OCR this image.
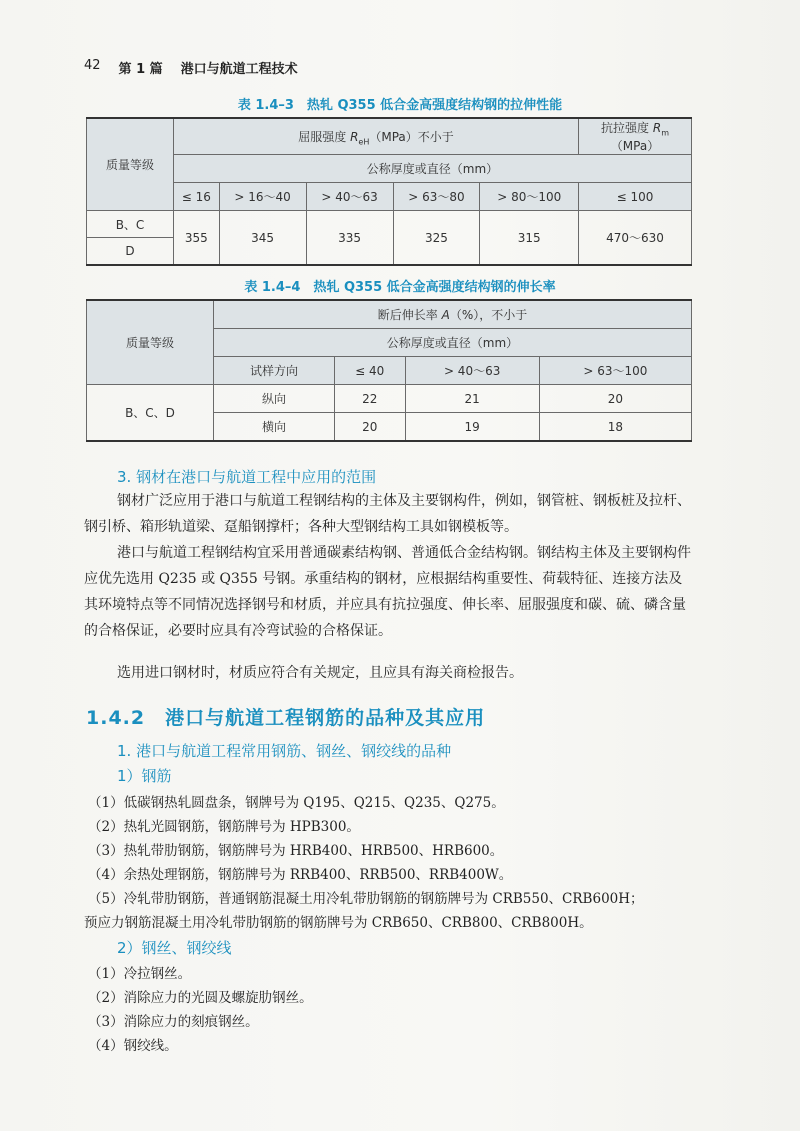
42 第 1 篇 港口与航道工程技术
表 1.4–3　热轧 Q355 低合金高强度结构钢的拉伸性能
质量等级	屈服强度 $R_{eH}(MPa)$不小于					抗拉强度 $R_m(MPa)$
	公称厚度或直径（mm）					
	≤ 16	> 16～40	> 40～63	> 63～80	> 80～100	≤ 100
B、C	355	345	335	325	315	470～630
D						
表 1.4–4　热轧 Q355 低合金高强度结构钢的伸长率
质量等级	断后伸长率 A（%），不小于			
	公称厚度或直径（mm）			
	试样方向	≤ 40	> 40～63	> 63～100
B、C、D	纵向	22	21	20
	横向	20	19	18
3. 钢材在港口与航道工程中应用的范围
钢材广泛应用于港口与航道工程钢结构的主体及主要钢构件，例如，钢管桩、钢板桩及拉杆、钢引桥、箱形轨道梁、趸船钢撑杆；各种大型钢结构工具如钢模板等。
港口与航道工程钢结构宜采用普通碳素结构钢、普通低合金结构钢。钢结构主体及主要钢构件应优先选用 Q235 或 Q355 号钢。承重结构的钢材，应根据结构重要性、荷载特征、连接方法及其环境特点等不同情况选择钢号和材质，并应具有抗拉强度、伸长率、屈服强度和碳、硫、磷含量的合格保证，必要时应具有冷弯试验的合格保证。
选用进口钢材时，材质应符合有关规定，且应具有海关商检报告。
1.4.2　港口与航道工程钢筋的品种及其应用
1. 港口与航道工程常用钢筋、钢丝、钢绞线的品种
1）钢筋
（1）低碳钢热轧圆盘条，钢牌号为 Q195、Q215、Q235、Q275。
（2）热轧光圆钢筋，钢筋牌号为 HPB300。
（3）热轧带肋钢筋，钢筋牌号为 HRB400、HRB500、HRB600。
（4）余热处理钢筋，钢筋牌号为 RRB400、RRB500、RRB400W。
（5）冷轧带肋钢筋，普通钢筋混凝土用冷轧带肋钢筋的钢筋牌号为 CRB550、CRB600H；
预应力钢筋混凝土用冷轧带肋钢筋的钢筋牌号为 CRB650、CRB800、CRB800H。
2）钢丝、钢绞线
（1）冷拉钢丝。
（2）消除应力的光圆及螺旋肋钢丝。
（3）消除应力的刻痕钢丝。
（4）钢绞线。
